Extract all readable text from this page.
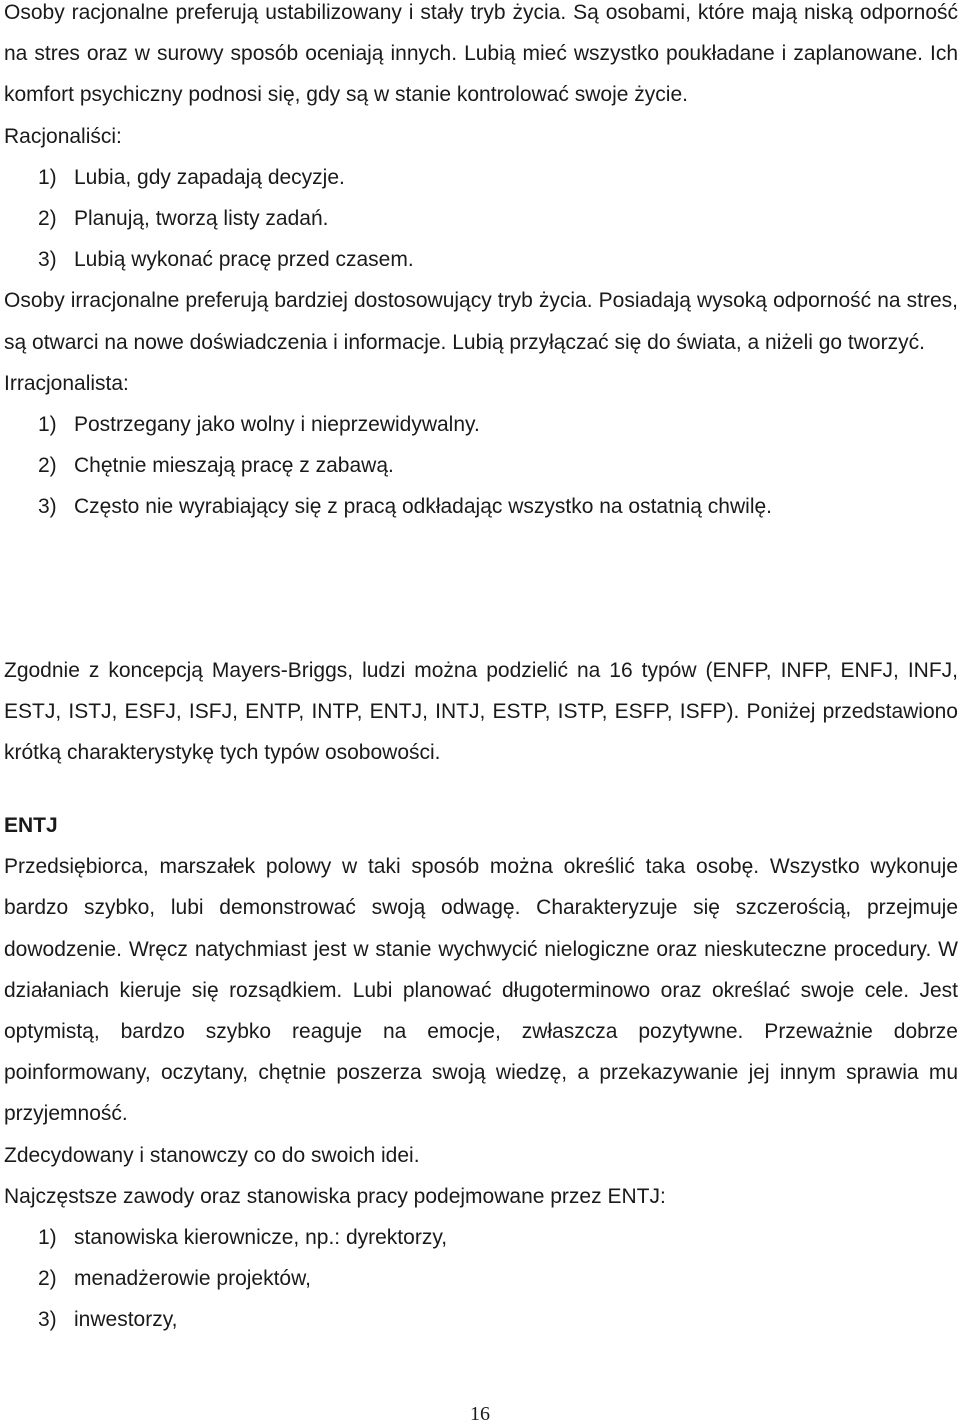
Osoby racjonalne preferują ustabilizowany i stały tryb życia. Są osobami, które mają niską odporność na stres oraz w surowy sposób oceniają innych. Lubią mieć wszystko poukładane i zaplanowane. Ich komfort psychiczny podnosi się, gdy są w stanie kontrolować swoje życie.

Racjonaliści:

1) Lubia, gdy zapadają decyzje.
2) Planują, tworzą listy zadań.
3) Lubią wykonać pracę przed czasem.

Osoby irracjonalne preferują bardziej dostosowujący tryb życia. Posiadają wysoką odporność na stres, są otwarci na nowe doświadczenia i informacje. Lubią przyłączać się do świata, a niżeli go tworzyć.

Irracjonalista:

1) Postrzegany jako wolny i nieprzewidywalny.
2) Chętnie mieszają pracę z zabawą.
3) Często nie wyrabiający się z pracą odkładając wszystko na ostatnią chwilę.

Zgodnie z koncepcją Mayers-Briggs, ludzi można podzielić na 16 typów (ENFP, INFP, ENFJ, INFJ, ESTJ, ISTJ, ESFJ, ISFJ, ENTP, INTP, ENTJ, INTJ, ESTP, ISTP, ESFP, ISFP). Poniżej przedstawiono krótką charakterystykę tych typów osobowości.

ENTJ

Przedsiębiorca, marszałek polowy w taki sposób można określić taka osobę. Wszystko wykonuje bardzo szybko, lubi demonstrować swoją odwagę. Charakteryzuje się szczerością, przejmuje dowodzenie. Wręcz natychmiast jest w stanie wychwycić nielogiczne oraz nieskuteczne procedury. W działaniach kieruje się rozsądkiem. Lubi planować długoterminowo oraz określać swoje cele. Jest optymistą, bardzo szybko reaguje na emocje, zwłaszcza pozytywne. Przeważnie dobrze poinformowany, oczytany, chętnie poszerza swoją wiedzę, a przekazywanie jej innym sprawia mu przyjemność.

Zdecydowany i stanowczy co do swoich idei.

Najczęstsze zawody oraz stanowiska pracy podejmowane przez ENTJ:

1) stanowiska kierownicze, np.: dyrektorzy,
2) menadżerowie projektów,
3) inwestorzy,
16
